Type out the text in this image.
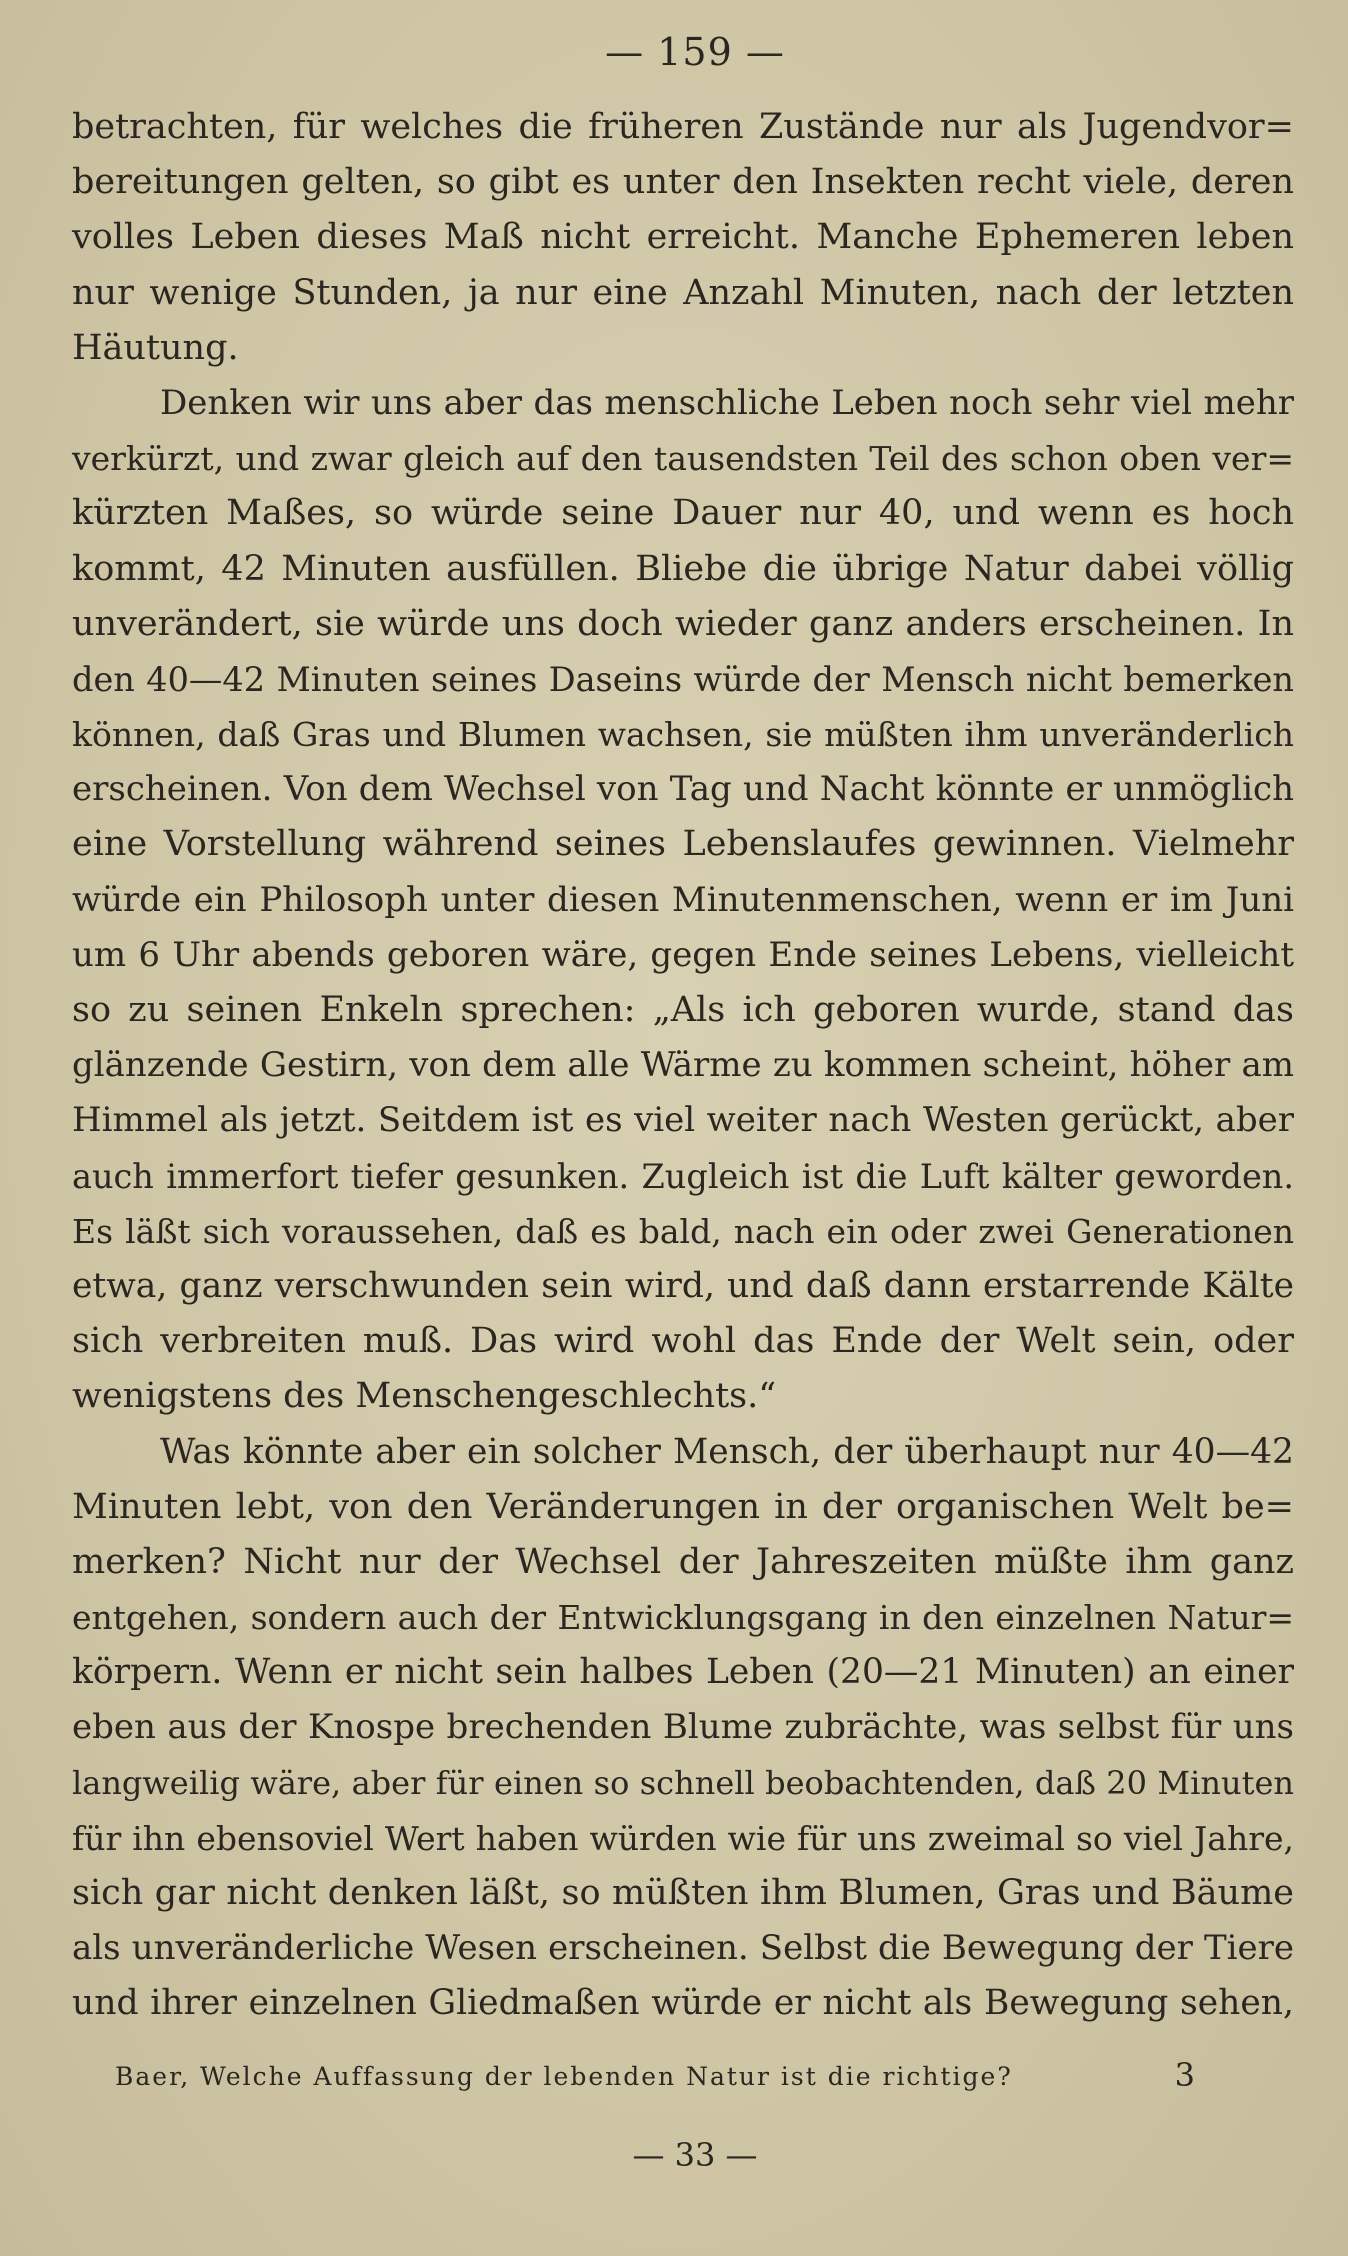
— 159 —
betrachten, für welches die früheren Zustände nur als Jugendvor=
bereitungen gelten, so gibt es unter den Insekten recht viele, deren
volles Leben dieses Maß nicht erreicht. Manche Ephemeren leben
nur wenige Stunden, ja nur eine Anzahl Minuten, nach der letzten
Häutung.
Denken wir uns aber das menschliche Leben noch sehr viel mehr
verkürzt, und zwar gleich auf den tausendsten Teil des schon oben ver=
kürzten Maßes, so würde seine Dauer nur 40, und wenn es hoch
kommt, 42 Minuten ausfüllen. Bliebe die übrige Natur dabei völlig
unverändert, sie würde uns doch wieder ganz anders erscheinen. In
den 40—42 Minuten seines Daseins würde der Mensch nicht bemerken
können, daß Gras und Blumen wachsen, sie müßten ihm unveränderlich
erscheinen. Von dem Wechsel von Tag und Nacht könnte er unmöglich
eine Vorstellung während seines Lebenslaufes gewinnen. Vielmehr
würde ein Philosoph unter diesen Minutenmenschen, wenn er im Juni
um 6 Uhr abends geboren wäre, gegen Ende seines Lebens, vielleicht
so zu seinen Enkeln sprechen: „Als ich geboren wurde, stand das
glänzende Gestirn, von dem alle Wärme zu kommen scheint, höher am
Himmel als jetzt. Seitdem ist es viel weiter nach Westen gerückt, aber
auch immerfort tiefer gesunken. Zugleich ist die Luft kälter geworden.
Es läßt sich voraussehen, daß es bald, nach ein oder zwei Generationen
etwa, ganz verschwunden sein wird, und daß dann erstarrende Kälte
sich verbreiten muß. Das wird wohl das Ende der Welt sein, oder
wenigstens des Menschengeschlechts.“
Was könnte aber ein solcher Mensch, der überhaupt nur 40—42
Minuten lebt, von den Veränderungen in der organischen Welt be=
merken? Nicht nur der Wechsel der Jahreszeiten müßte ihm ganz
entgehen, sondern auch der Entwicklungsgang in den einzelnen Natur=
körpern. Wenn er nicht sein halbes Leben (20—21 Minuten) an einer
eben aus der Knospe brechenden Blume zubrächte, was selbst für uns
langweilig wäre, aber für einen so schnell beobachtenden, daß 20 Minuten
für ihn ebensoviel Wert haben würden wie für uns zweimal so viel Jahre,
sich gar nicht denken läßt, so müßten ihm Blumen, Gras und Bäume
als unveränderliche Wesen erscheinen. Selbst die Bewegung der Tiere
und ihrer einzelnen Gliedmaßen würde er nicht als Bewegung sehen,
Baer, Welche Auffassung der lebenden Natur ist die richtige?	3
— 33 —
